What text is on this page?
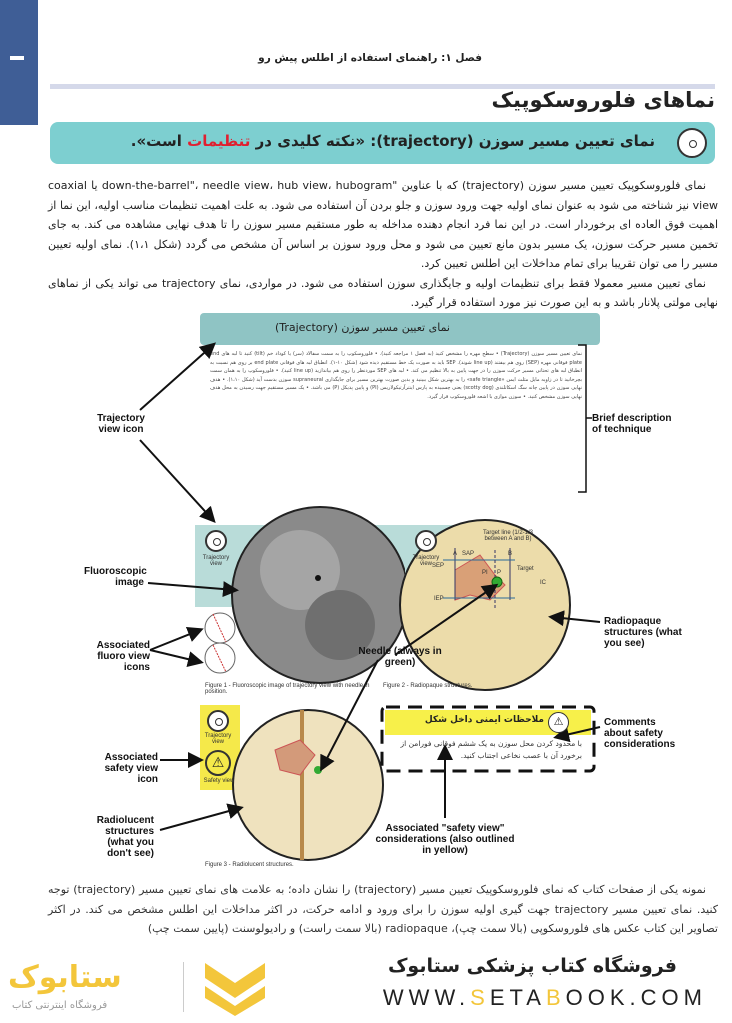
فصل ۱: راهنمای استفاده از اطلس پیش رو
نماهای فلوروسکوپیک
نمای تعیین مسیر سوزن (trajectory): «نکته کلیدی در تنظیمات است».

نمای فلوروسکوپیک تعیین مسیر سوزن (trajectory) که با عناوین "down-the-barrel"، needle view، hub view، hubogram یا coaxial view نیز شناخته می شود به عنوان نمای اولیه جهت ورود سوزن و جلو بردن آن استفاده می شود. به علت اهمیت تنظیمات مناسب اولیه، این نما از اهمیت فوق العاده ای برخوردار است. در این نما فرد انجام دهنده مداخله به طور مستقیم مسیر سوزن را تا هدف نهایی مشاهده می کند. به جای تخمین مسیر حرکت سوزن، یک مسیر بدون مانع تعیین می شود و محل ورود سوزن بر اساس آن مشخص می گردد (شکل ۱،۱). نمای اولیه تعیین مسیر را می توان تقریبا برای تمام مداخلات این اطلس تعیین کرد.

نمای تعیین مسیر معمولا فقط برای تنظیمات اولیه و جایگذاری سوزن استفاده می شود. در مواردی، نمای trajectory می تواند یکی از نماهای نهایی مولتی پلانار باشد و به این صورت نیز مورد استفاده قرار گیرد.

نمای تعیین مسیر سوزن (Trajectory)
نمای تعیین مسیر سوزن (Trajectory) • سطح مهره را مشخص کنید (به فصل ۱ مراجعه کنید). • فلوروسکوپ را به سمت سفالاد (سر) یا کوداد خم (tilt) کنید تا لبه های end plate فوقانی مهره (SEP) روی هم بیفتند (line up شوند). SEP باید به صورت یک خط مستقیم دیده شود (شکل ۱۰-۱). انطباق لبه های فوقانی end plate بر روی هم نسبت به انطباق لبه های تحتانی مسیر حرکت سوزن را در جهت پایین به بالا تنظیم می کند. • لبه های SEP موردنظر را روی هم بیاندازید (line up کنید). • فلوروسکوپ را به همان سمت بچرخانید تا در زاویه مایل مثلث ایمن «safe triangle» را به بهترین شکل ببینید و بدین صورت بهترین مسیر برای جایگذاری supraneural سوزن بدست آید (شکل ۱،۱۰). • هدف نهایی سوزن در پایین چانه سگ اسکاتلندی (scotty dog) یعنی چسبیده به پارس اینترآرتیکولاریس (PI) و پایین پدیکل (P) می باشد. • یک مسیر مستقیم جهت رسیدن به محل هدف نهایی سوزن مشخص کنید. • سوزن موازی با اشعه فلوروسکوپ قرار گیرد.
Trajectory view
Trajectory view
Trajectory view
⚠
Safety view
Target line (1/2-1/3 between A and B)
A	B
SAP
SEP
IEP
PI P
Target
IC
Trajectory view icon
Brief description of technique
Fluoroscopic image
Associated fluoro view icons
Needle (always in green)
Radiopaque structures (what you see)
Comments about safety considerations
Associated safety view icon
Radiolucent structures (what you don't see)
Associated "safety view" considerations (also outlined in yellow)
Figure 1 - Fluoroscopic image of trajectory view with needle in position.
Figure 2 - Radiopaque structures.
Figure 3 - Radiolucent structures.
⚠
ملاحظات ایمنی داخل شکل
با محدود کردن محل سوزن به یک ششم فوقانی فورامن از برخورد آن با عصب نخاعی اجتناب کنید.

نمونه یکی از صفحات کتاب که نمای فلوروسکوپیک تعیین مسیر (trajectory) را نشان داده؛ به علامت های نمای تعیین مسیر (trajectory) توجه کنید. نمای تعیین مسیر trajectory جهت گیری اولیه سوزن را برای ورود و ادامه حرکت، در اکثر مداخلات این اطلس مشخص می کند. در اکثر تصاویر این کتاب عکس های فلوروسکوپی (بالا سمت چپ)، radiopaque (بالا سمت راست) و رادیولوسنت (پایین سمت چپ)

ستابوک
فروشگاه اینترنتی کتاب
فروشگاه کتاب پزشکی ستابوک
WWW.SETABOOK.COM
